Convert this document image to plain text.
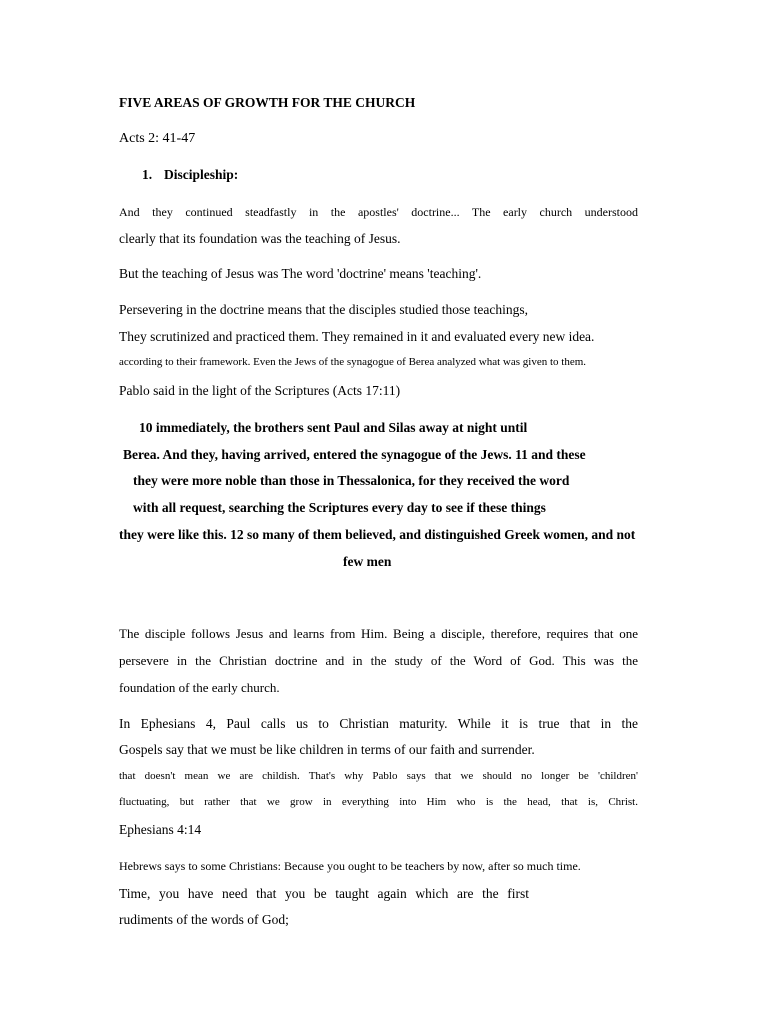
FIVE AREAS OF GROWTH FOR THE CHURCH
Acts 2: 41-47
1. Discipleship:
And they continued steadfastly in the apostles' doctrine... The early church understood
clearly that its foundation was the teaching of Jesus.
But the teaching of Jesus was The word 'doctrine' means 'teaching'.
Persevering in the doctrine means that the disciples studied those teachings,
They scrutinized and practiced them. They remained in it and evaluated every new idea.
according to their framework. Even the Jews of the synagogue of Berea analyzed what was given to them.
Pablo said in the light of the Scriptures (Acts 17:11)
10 immediately, the brothers sent Paul and Silas away at night until
Berea. And they, having arrived, entered the synagogue of the Jews. 11 and these
they were more noble than those in Thessalonica, for they received the word
with all request, searching the Scriptures every day to see if these things
they were like this. 12 so many of them believed, and distinguished Greek women, and not
few men
The disciple follows Jesus and learns from Him. Being a disciple, therefore, requires that one
persevere in the Christian doctrine and in the study of the Word of God. This was the
foundation of the early church.
In Ephesians 4, Paul calls us to Christian maturity. While it is true that in the
Gospels say that we must be like children in terms of our faith and surrender.
that doesn't mean we are childish. That's why Pablo says that we should no longer be 'children'
fluctuating, but rather that we grow in everything into Him who is the head, that is, Christ.
Ephesians 4:14
Hebrews says to some Christians: Because you ought to be teachers by now, after so much time.
Time, you have need that you be taught again which are the first
rudiments of the words of God;
